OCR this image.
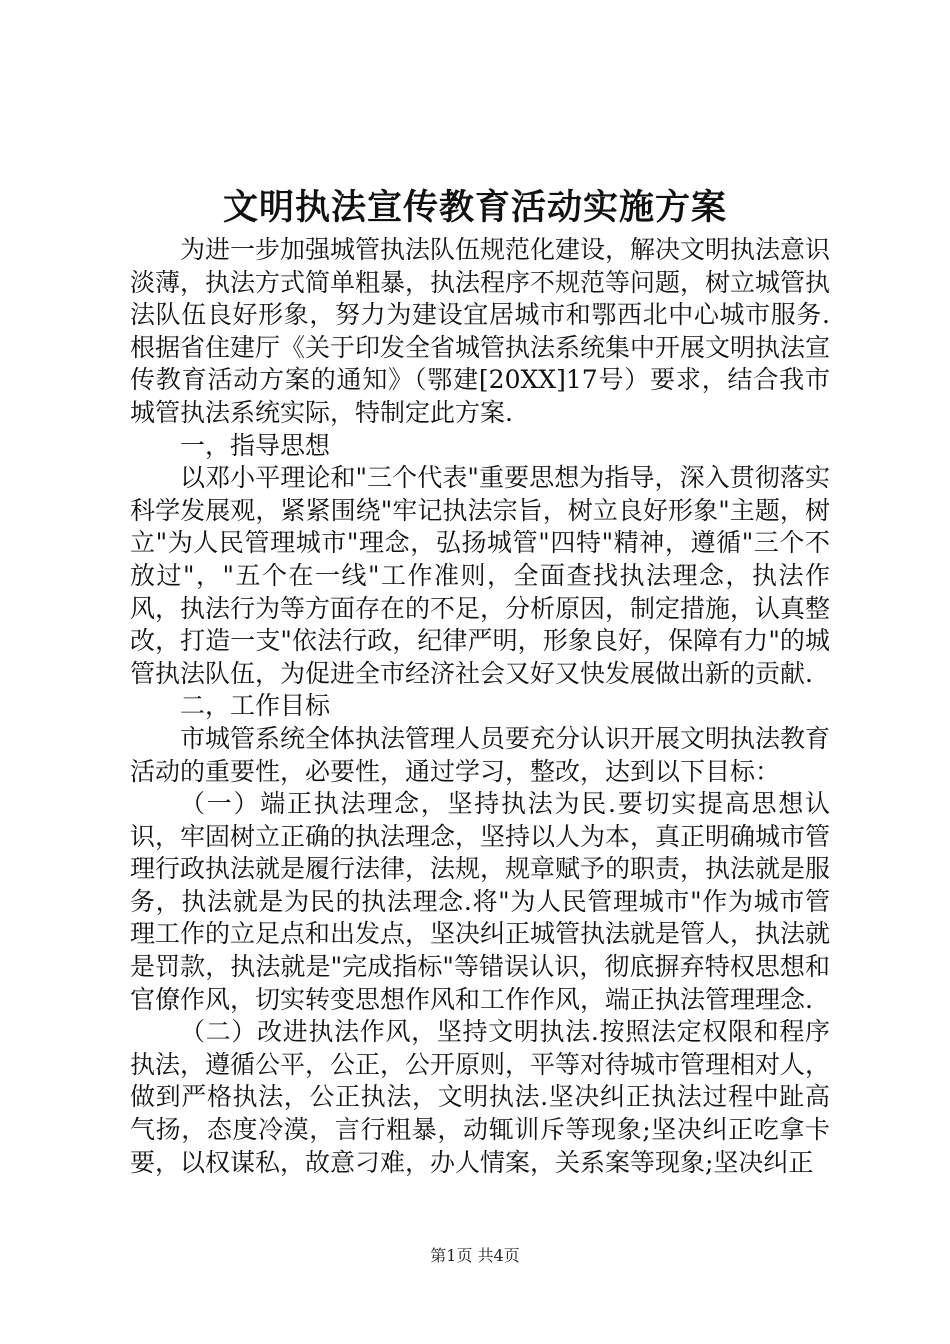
文明执法宣传教育活动实施方案

为进一步加强城管执法队伍规范化建设，解决文明执法意识淡薄，执法方式简单粗暴，执法程序不规范等问题，树立城管执法队伍良好形象，努力为建设宜居城市和鄂西北中心城市服务.根据省住建厅《关于印发全省城管执法系统集中开展文明执法宣传教育活动方案的通知》（鄂建[20XX]17号）要求，结合我市城管执法系统实际，特制定此方案.

一，指导思想

以邓小平理论和"三个代表"重要思想为指导，深入贯彻落实科学发展观，紧紧围绕"牢记执法宗旨，树立良好形象"主题，树立"为人民管理城市"理念，弘扬城管"四特"精神，遵循"三个不放过"，"五个在一线"工作准则，全面查找执法理念，执法作风，执法行为等方面存在的不足，分析原因，制定措施，认真整改，打造一支"依法行政，纪律严明，形象良好，保障有力"的城管执法队伍，为促进全市经济社会又好又快发展做出新的贡献.

二，工作目标

市城管系统全体执法管理人员要充分认识开展文明执法教育活动的重要性，必要性，通过学习，整改，达到以下目标：

（一）端正执法理念，坚持执法为民.要切实提高思想认识，牢固树立正确的执法理念，坚持以人为本，真正明确城市管理行政执法就是履行法律，法规，规章赋予的职责，执法就是服务，执法就是为民的执法理念.将"为人民管理城市"作为城市管理工作的立足点和出发点，坚决纠正城管执法就是管人，执法就是罚款，执法就是"完成指标"等错误认识，彻底摒弃特权思想和官僚作风，切实转变思想作风和工作作风，端正执法管理理念.

（二）改进执法作风，坚持文明执法.按照法定权限和程序执法，遵循公平，公正，公开原则，平等对待城市管理相对人，做到严格执法，公正执法，文明执法.坚决纠正执法过程中趾高气扬，态度冷漠，言行粗暴，动辄训斥等现象;坚决纠正吃拿卡要，以权谋私，故意刁难，办人情案，关系案等现象;坚决纠正

第1页 共4页
